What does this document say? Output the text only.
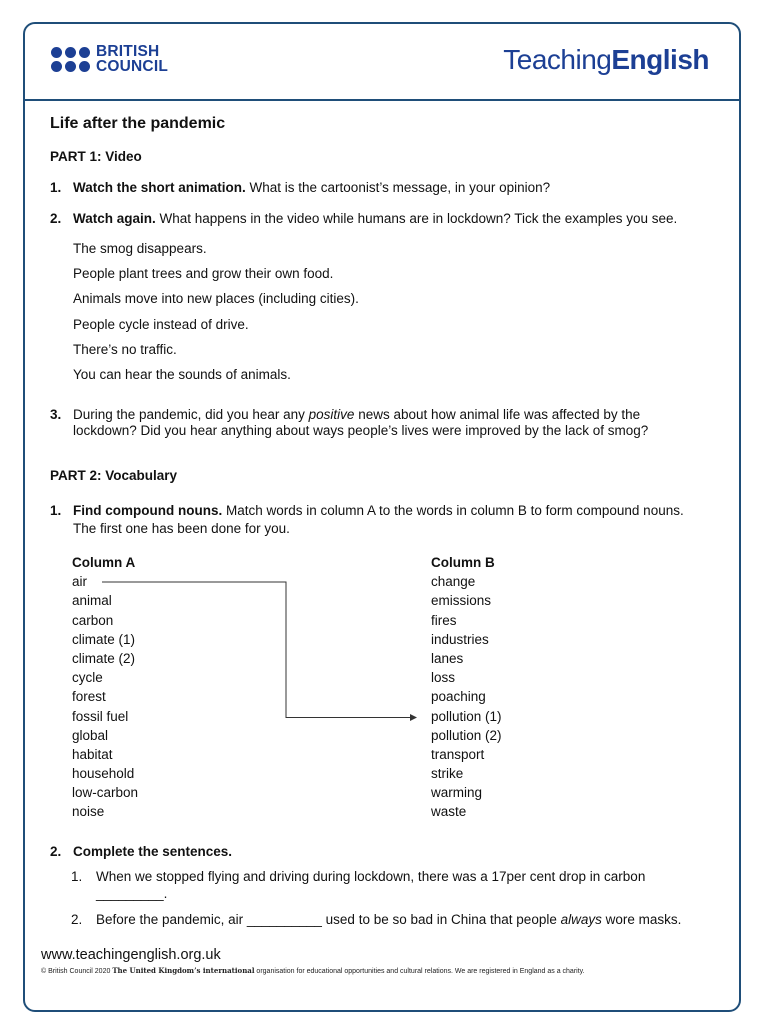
BRITISH
COUNCIL	TeachingEnglish
Life after the pandemic
PART 1: Video
1. Watch the short animation. What is the cartoonist’s message, in your opinion?
2. Watch again. What happens in the video while humans are in lockdown? Tick the examples you see.
The smog disappears.
People plant trees and grow their own food.
Animals move into new places (including cities).
People cycle instead of drive.
There’s no traffic.
You can hear the sounds of animals.
3. During the pandemic, did you hear any positive news about how animal life was affected by the
lockdown? Did you hear anything about ways people’s lives were improved by the lack of smog?
PART 2: Vocabulary
1. Find compound nouns. Match words in column A to the words in column B to form compound nouns.
The first one has been done for you.
Column A
air
animal
carbon
climate (1)
climate (2)
cycle
forest
fossil fuel
global
habitat
household
low-carbon
noise
Column B
change
emissions
fires
industries
lanes
loss
poaching
pollution (1)
pollution (2)
transport
strike
warming
waste
2. Complete the sentences.
1. When we stopped flying and driving during lockdown, there was a 17per cent drop in carbon
_________.
2. Before the pandemic, air __________ used to be so bad in China that people always wore masks.
www.teachingenglish.org.uk
© British Council 2020 The United Kingdom’s international organisation for educational opportunities and cultural relations. We are registered in England as a charity.
